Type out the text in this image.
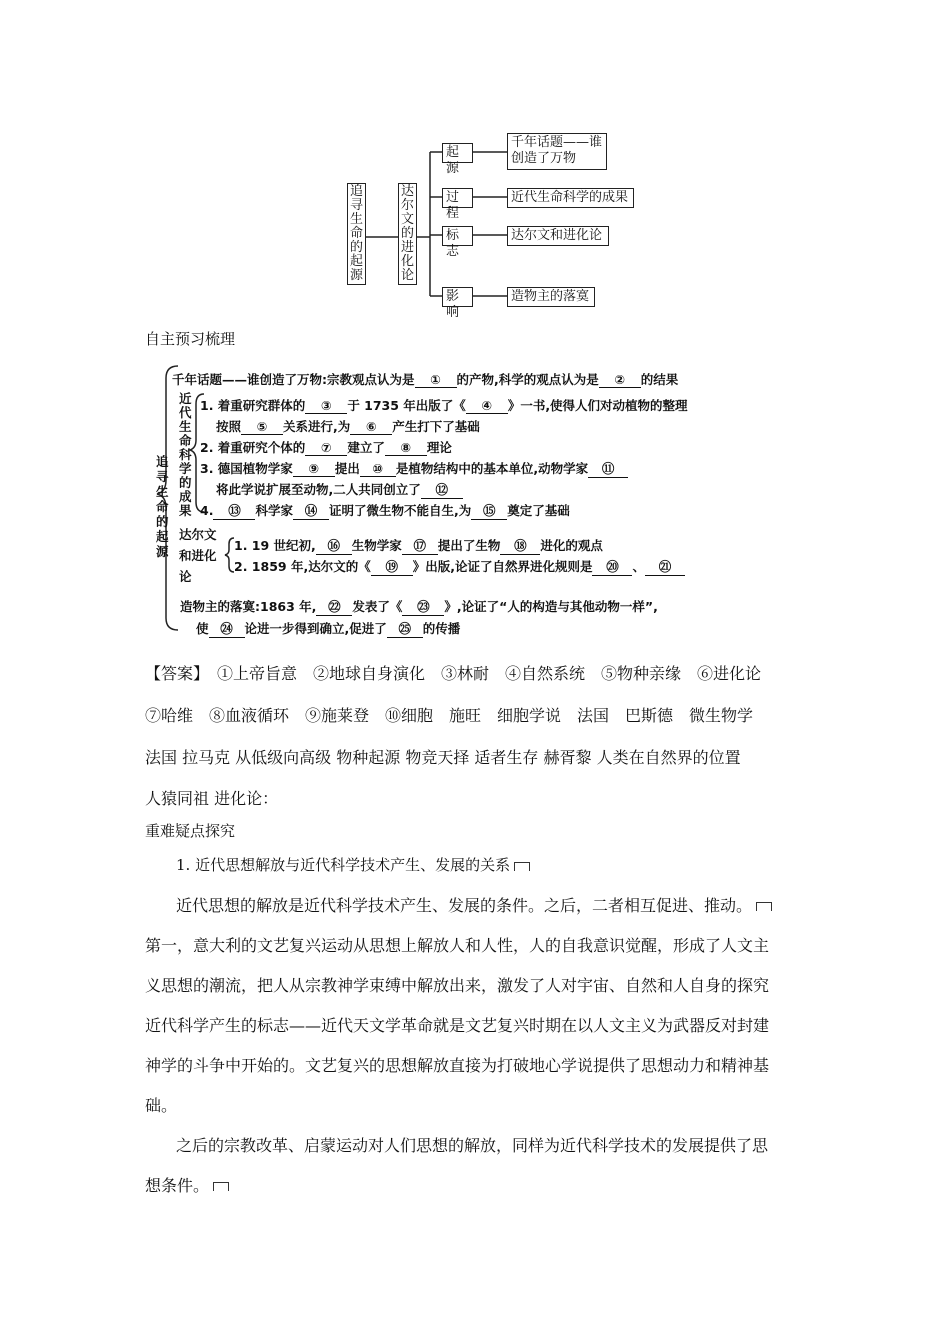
追
寻
生
命
的
起
源
达
尔
文
的
进
化
论
起源
过程
标志
影响
千年话题——谁
创造了万物
近代生命科学的成果
达尔文和进化论
造物主的落寞
自主预习梳理
追
寻
生
命
的
起
源
近
代
生
命
科
学
的
成
果
千年话题——谁创造了万物:宗教观点认为是 ① 的产物,科学的观点认为是 ② 的结果
1. 着重研究群体的 ③ 于 1735 年出版了《 ④ 》一书,使得人们对动植物的整理
按照 ⑤ 关系进行,为 ⑥ 产生打下了基础
2. 着重研究个体的 ⑦ 建立了 ⑧ 理论
3. 德国植物学家 ⑨ 提出 ⑩ 是植物结构中的基本单位,动物学家 ⑪
将此学说扩展至动物,二人共同创立了 ⑫
4. ⑬ 科学家 ⑭ 证明了微生物不能自生,为 ⑮ 奠定了基础
达尔文
和进化
论
1. 19 世纪初, ⑯ 生物学家 ⑰ 提出了生物 ⑱ 进化的观点
2. 1859 年,达尔文的《 ⑲ 》出版,论证了自然界进化规则是 ⑳ 、 ㉑
造物主的落寞:1863 年, ㉒ 发表了《 ㉓ 》,论证了“人的构造与其他动物一样”,
使 ㉔ 论进一步得到确立,促进了 ㉕ 的传播
【答案】　①上帝旨意　②地球自身演化　③林耐　④自然系统　⑤物种亲缘　⑥进化论
⑦哈维　⑧血液循环　⑨施莱登　⑩细胞　施旺　细胞学说　法国　巴斯德　微生物学
法国 拉马克 从低级向高级 物种起源 物竞天择 适者生存 赫胥黎 人类在自然界的位置
人猿同祖 进化论：
重难疑点探究
1. 近代思想解放与近代科学技术产生、发展的关系
近代思想的解放是近代科学技术产生、发展的条件。之后，二者相互促进、推动。
第一，意大利的文艺复兴运动从思想上解放人和人性，人的自我意识觉醒，形成了人文主
义思想的潮流，把人从宗教神学束缚中解放出来，激发了人对宇宙、自然和人自身的探究
近代科学产生的标志——近代天文学革命就是文艺复兴时期在以人文主义为武器反对封建
神学的斗争中开始的。文艺复兴的思想解放直接为打破地心学说提供了思想动力和精神基
础。
之后的宗教改革、启蒙运动对人们思想的解放，同样为近代科学技术的发展提供了思
想条件。
